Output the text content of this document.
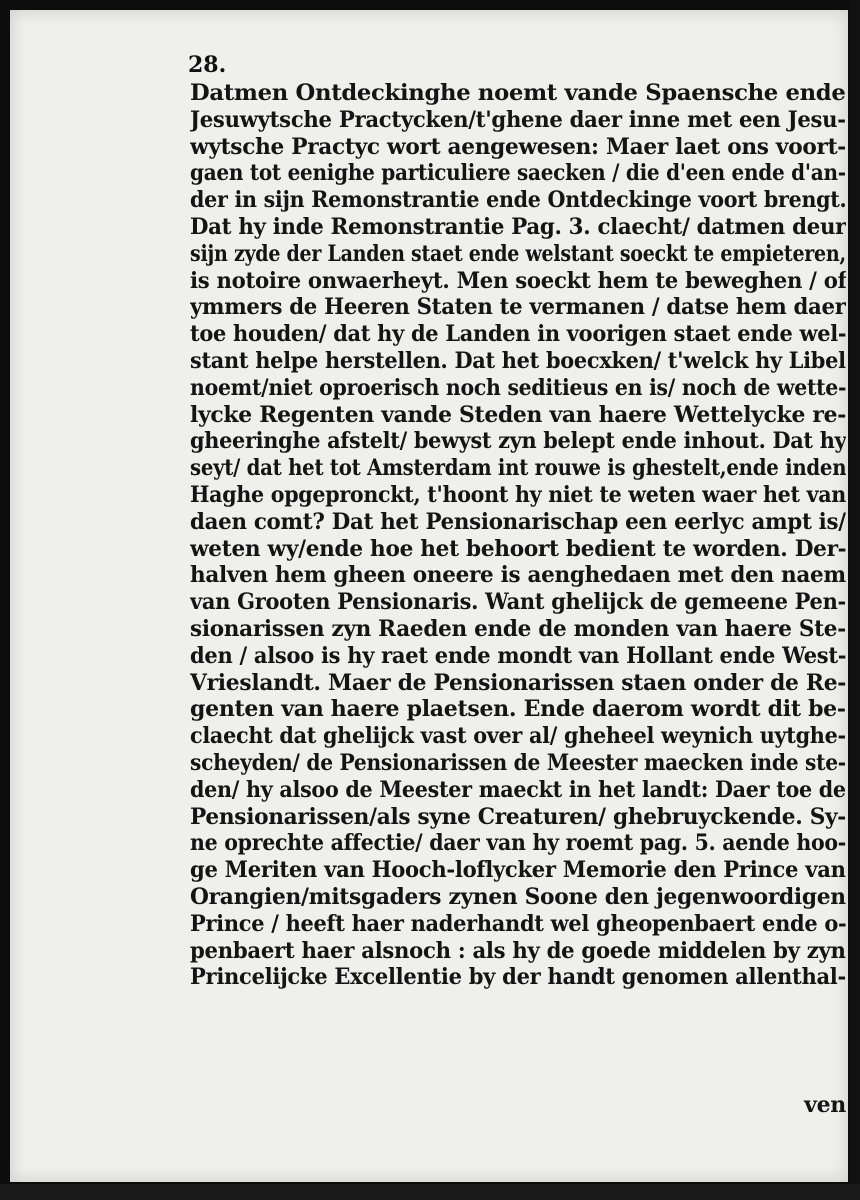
28.

Datmen Ontdeckinghe noemt vande Spaensche ende
Jesuwytsche Practycken/t'ghene daer inne met een Jesu-
wytsche Practyc wort aengewesen: Maer laet ons voort-
gaen tot eenighe particuliere saecken / die d'een ende d'an-
der in sijn Remonstrantie ende Ontdeckinge voort brengt.
Dat hy inde Remonstrantie Pag. 3. claecht/ datmen deur
sijn zyde der Landen staet ende welstant soeckt te empieteren,
is notoire onwaerheyt. Men soeckt hem te beweghen / of
ymmers de Heeren Staten te vermanen / datse hem daer
toe houden/ dat hy de Landen in voorigen staet ende wel-
stant helpe herstellen. Dat het boecxken/ t'welck hy Libel
noemt/niet oproerisch noch seditieus en is/ noch de wette-
lycke Regenten vande Steden van haere Wettelycke re-
gheeringhe afstelt/ bewyst zyn belept ende inhout. Dat hy
seyt/ dat het tot Amsterdam int rouwe is ghestelt,ende inden
Haghe opgepronckt, t'hoont hy niet te weten waer het van
daen comt? Dat het Pensionarischap een eerlyc ampt is/
weten wy/ende hoe het behoort bedient te worden. Der-
halven hem gheen oneere is aenghedaen met den naem
van Grooten Pensionaris. Want ghelijck de gemeene Pen-
sionarissen zyn Raeden ende de monden van haere Ste-
den / alsoo is hy raet ende mondt van Hollant ende West-
Vrieslandt. Maer de Pensionarissen staen onder de Re-
genten van haere plaetsen. Ende daerom wordt dit be-
claecht dat ghelijck vast over al/ gheheel weynich uytghe-
scheyden/ de Pensionarissen de Meester maecken inde ste-
den/ hy alsoo de Meester maeckt in het landt: Daer toe de
Pensionarissen/als syne Creaturen/ ghebruyckende. Sy-
ne oprechte affectie/ daer van hy roemt pag. 5. aende hoo-
ge Meriten van Hooch-loflycker Memorie den Prince van
Orangien/mitsgaders zynen Soone den jegenwoordigen
Prince / heeft haer naderhandt wel gheopenbaert ende o-
penbaert haer alsnoch : als hy de goede middelen by zyn
Princelijcke Excellentie by der handt genomen allenthal-
ven
